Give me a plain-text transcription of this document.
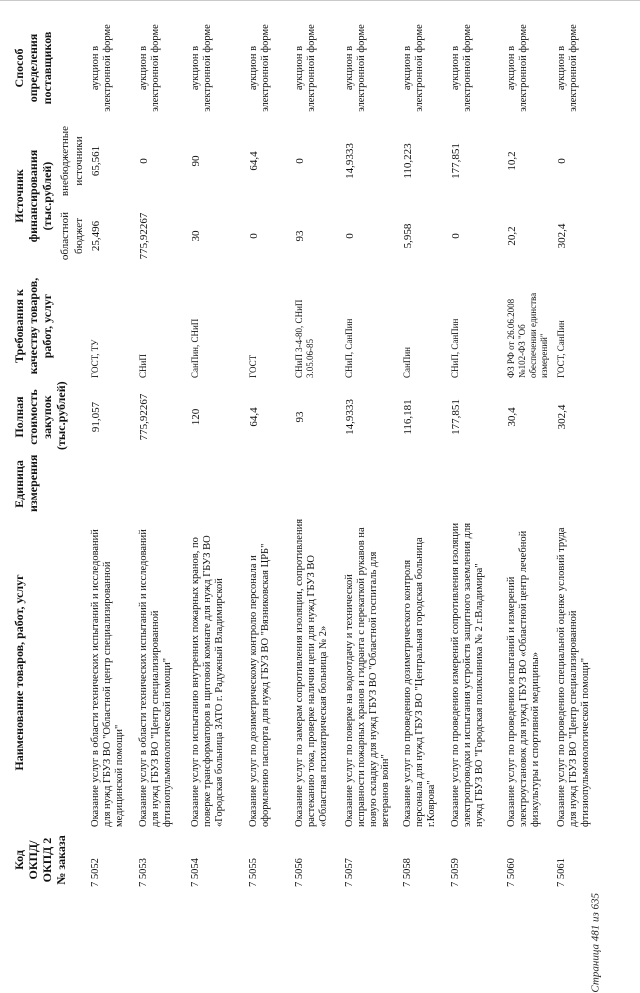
Код ОКПД/ ОКПД 2 № заказа	Наименование товаров, работ, услуг	Единица измерения	Полная стоимость закупок (тыс.рублей)	Требования к качеству товаров, работ, услуг	Источник финансирования (тыс.рублей)		Способ определения поставщиков
					областной бюджет	внебюджетные источники	
7 5052	Оказание услуг в области технических испытаний и исследований для нужд ГБУЗ ВО "Областной центр специализированной медицинской помощи"		91,057	ГОСТ, ТУ	25,496	65,561	аукцион в электронной форме
7 5053	Оказание услуг в области технических испытаний и исследований для нужд ГБУЗ ВО "Центр специализированной фтизиопульмонологической помощи"		775,92267	СНиП	775,92267	0	аукцион в электронной форме
7 5054	Оказание услуг по испытанию внутренних пожарных кранов, по поверке трансформаторов в щитовой комнате для нужд ГБУЗ ВО «Городская больница ЗАТО г. Радужный Владимирской		120	СанПин, СНиП	30	90	аукцион в электронной форме
7 5055	Оказание услуг по дозиметрическому контролю персонала и оформлению паспорта для нужд ГБУЗ ВО "Вязниковская ЦРБ"		64,4	ГОСТ	0	64,4	аукцион в электронной форме
7 5056	Оказание услуг по замерам сопротивления изоляции, сопротивления растеканию тока, проверке наличия цепи для нужд ГБУЗ ВО «Областная психиатрическая больница № 2»		93	СНиП 3-4-80, СНиП 3.05.06-85	93	0	аукцион в электронной форме
7 5057	Оказание услуг по поверке на водоотдачу и технической исправности пожарных кранов и гидранта с перекаткой рукавов на новую складку для нужд ГБУЗ ВО "Областной госпиталь для ветеранов войн"		14,9333	СНиП, СанПин	0	14,9333	аукцион в электронной форме
7 5058	Оказание услуг по проведению дозиметрического контроля персонала для нужд ГБУЗ ВО "Центральная городская больница г.Коврова"		116,181	СанПин	5,958	110,223	аукцион в электронной форме
7 5059	Оказание услуг по проведению измерений сопротивления изоляции электропроводки и испытания устройств защитного заземления для нужд ГБУЗ ВО "Городская поликлиника № 2 г.Владимира"		177,851	СНиП, СанПин	0	177,851	аукцион в электронной форме
7 5060	Оказание услуг по проведению испытаний и измерений электроустановок для нужд ГБУЗ ВО «Областной центр лечебной физкультуры и спортивной медицины»		30,4	ФЗ РФ от 26.06.2008 №102-ФЗ "Об обеспечении единства измерений"	20,2	10,2	аукцион в электронной форме
7 5061	Оказание услуг по проведению специальной оценке условий труда для нужд ГБУЗ ВО "Центр специализированной фтизиопульмонологической помощи"		302,4	ГОСТ, СанПин	302,4	0	аукцион в электронной форме
Страница 481 из 635
